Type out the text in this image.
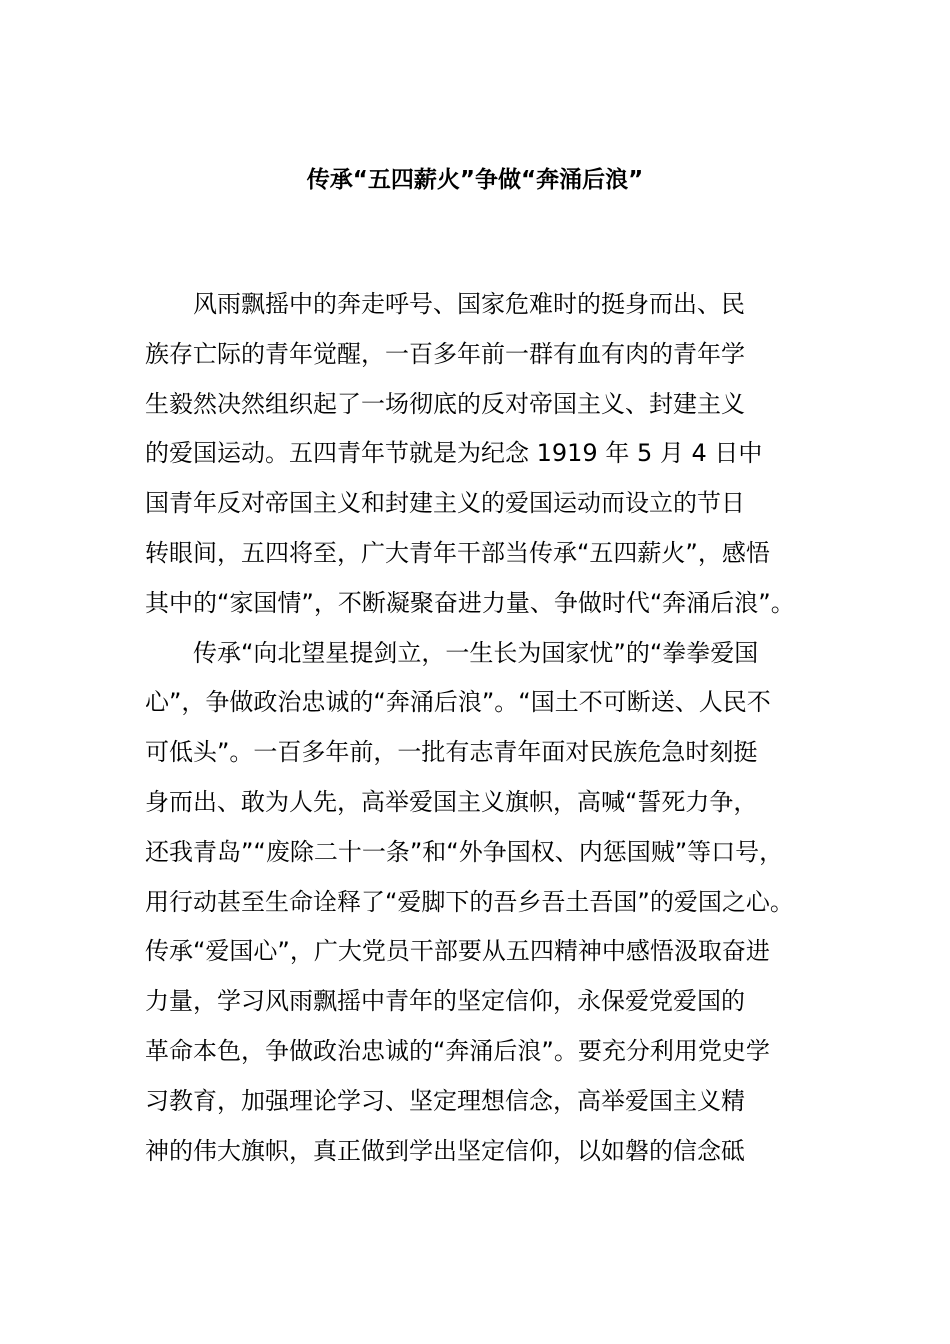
传承“五四薪火”争做“奔涌后浪”
风雨飘摇中的奔走呼号、国家危难时的挺身而出、民
族存亡际的青年觉醒，一百多年前一群有血有肉的青年学
生毅然决然组织起了一场彻底的反对帝国主义、封建主义
的爱国运动。五四青年节就是为纪念 1919 年 5 月 4 日中
国青年反对帝国主义和封建主义的爱国运动而设立的节日
转眼间，五四将至，广大青年干部当传承“五四薪火”，感悟
其中的“家国情”，不断凝聚奋进力量、争做时代“奔涌后浪”。
传承“向北望星提剑立，一生长为国家忧”的“拳拳爱国
心”，争做政治忠诚的“奔涌后浪”。“国土不可断送、人民不
可低头”。一百多年前，一批有志青年面对民族危急时刻挺
身而出、敢为人先，高举爱国主义旗帜，高喊“誓死力争，
还我青岛”“废除二十一条”和“外争国权、内惩国贼”等口号，
用行动甚至生命诠释了“爱脚下的吾乡吾土吾国”的爱国之心。
传承“爱国心”，广大党员干部要从五四精神中感悟汲取奋进
力量，学习风雨飘摇中青年的坚定信仰，永保爱党爱国的
革命本色，争做政治忠诚的“奔涌后浪”。要充分利用党史学
习教育，加强理论学习、坚定理想信念，高举爱国主义精
神的伟大旗帜，真正做到学出坚定信仰，以如磐的信念砥
